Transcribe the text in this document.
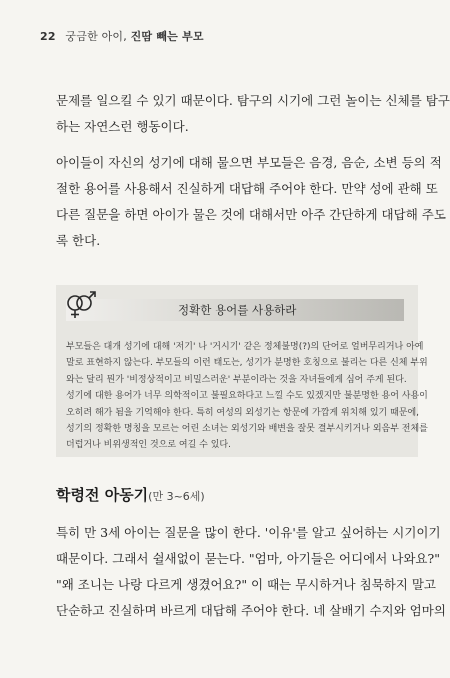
22 궁금한 아이, 진땀 빼는 부모
문제를 일으킬 수 있기 때문이다. 탐구의 시기에 그런 놀이는 신체를 탐구
하는 자연스런 행동이다.
아이들이 자신의 성기에 대해 물으면 부모들은 음경, 음순, 소변 등의 적
절한 용어를 사용해서 진실하게 대답해 주어야 한다. 만약 성에 관해 또
다른 질문을 하면 아이가 물은 것에 대해서만 아주 간단하게 대답해 주도
록 한다.
정확한 용어를 사용하라
부모들은 대개 성기에 대해 '저기' 나 '거시기' 같은 정체불명(?)의 단어로 얼버무리거나 아예
말로 표현하지 않는다. 부모들의 이런 태도는, 성기가 분명한 호칭으로 불리는 다른 신체 부위
와는 달리 뭔가 '비정상적이고 비밀스러운' 부분이라는 것을 자녀들에게 심어 주게 된다.
성기에 대한 용어가 너무 의학적이고 불필요하다고 느낄 수도 있겠지만 불분명한 용어 사용이
오히려 해가 됨을 기억해야 한다. 특히 여성의 외성기는 항문에 가깝게 위치해 있기 때문에,
성기의 정확한 명칭을 모르는 어린 소녀는 외성기와 배변을 잘못 결부시키거나 외음부 전체를
더럽거나 비위생적인 것으로 여길 수 있다.
학령전 아동기(만 3~6세)
특히 만 3세 아이는 질문을 많이 한다. '이유'를 알고 싶어하는 시기이기
때문이다. 그래서 쉴새없이 묻는다. "엄마, 아기들은 어디에서 나와요?"
"왜 조니는 나랑 다르게 생겼어요?" 이 때는 무시하거나 침묵하지 말고
단순하고 진실하며 바르게 대답해 주어야 한다. 네 살배기 수지와 엄마의
